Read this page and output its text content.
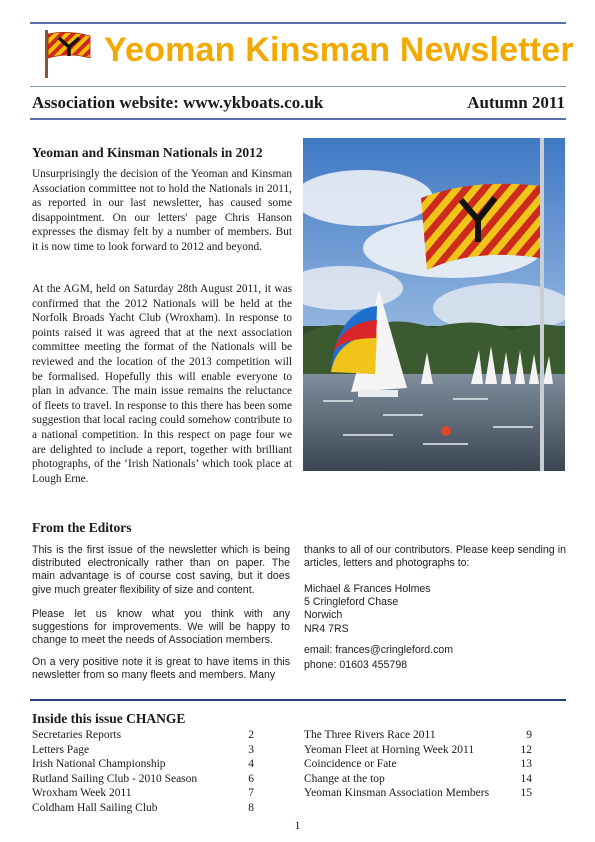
Yeoman Kinsman Newsletter
Association website: www.ykboats.co.uk	Autumn 2011
Yeoman and Kinsman Nationals in 2012
Unsurprisingly the decision of the Yeoman and Kinsman Association committee not to hold the Nationals in 2011, as reported in our last newsletter, has caused some disappointment. On our letters' page Chris Hanson expresses the dismay felt by a number of members. But it is now time to look forward to 2012 and beyond.
At the AGM, held on Saturday 28th August 2011, it was confirmed that the 2012 Nationals will be held at the Norfolk Broads Yacht Club (Wroxham). In response to points raised it was agreed that at the next association committee meeting the format of the Nationals will be reviewed and the location of the 2013 competition will be formalised. Hopefully this will enable everyone to plan in advance. The main issue remains the reluctance of fleets to travel. In response to this there has been some suggestion that local racing could somehow contribute to a national competition. In this respect on page four we are delighted to include a report, together with brilliant photographs, of the ‘Irish Nationals’ which took place at Lough Erne.
From the Editors
This is the first issue of the newsletter which is being distributed electronically rather than on paper. The main advantage is of course cost saving, but it does give much greater flexibility of size and content.
Please let us know what you think with any suggestions for improvements. We will be happy to change to meet the needs of Association members.
On a very positive note it is great to have items in this newsletter from so many fleets and members. Many
thanks to all of our contributors. Please keep sending in articles, letters and photographs to:
Michael & Frances Holmes
5 Cringleford Chase
Norwich
NR4 7RS
email: frances@cringleford.com
phone: 01603 455798
Inside this issue CHANGE
Secretaries Reports	2
Letters Page	3
Irish National Championship	4
Rutland Sailing Club - 2010 Season	6
Wroxham Week 2011	7
Coldham Hall Sailing Club	8
The Three Rivers Race 2011	9
Yeoman Fleet at Horning Week 2011	12
Coincidence or Fate	13
Change at the top	14
Yeoman Kinsman Association Members	15
1
